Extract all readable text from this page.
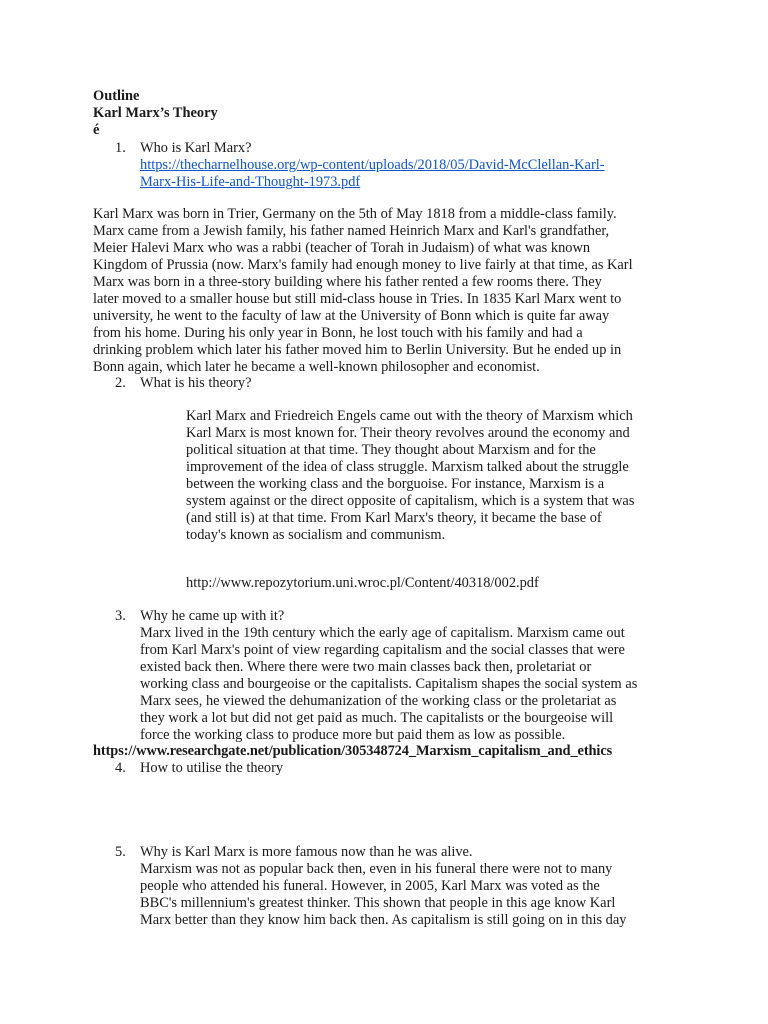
Outline
Karl Marx’s Theory
é
1. Who is Karl Marx?
https://thecharnelhouse.org/wp-content/uploads/2018/05/David-McClellan-Karl-
Marx-His-Life-and-Thought-1973.pdf
Karl Marx was born in Trier, Germany on the 5th of May 1818 from a middle-class family.
Marx came from a Jewish family, his father named Heinrich Marx and Karl's grandfather,
Meier Halevi Marx who was a rabbi (teacher of Torah in Judaism) of what was known
Kingdom of Prussia (now. Marx's family had enough money to live fairly at that time, as Karl
Marx was born in a three-story building where his father rented a few rooms there. They
later moved to a smaller house but still mid-class house in Tries. In 1835 Karl Marx went to
university, he went to the faculty of law at the University of Bonn which is quite far away
from his home. During his only year in Bonn, he lost touch with his family and had a
drinking problem which later his father moved him to Berlin University. But he ended up in
Bonn again, which later he became a well-known philosopher and economist.
2. What is his theory?
Karl Marx and Friedreich Engels came out with the theory of Marxism which
Karl Marx is most known for. Their theory revolves around the economy and
political situation at that time. They thought about Marxism and for the
improvement of the idea of class struggle. Marxism talked about the struggle
between the working class and the borguoise. For instance, Marxism is a
system against or the direct opposite of capitalism, which is a system that was
(and still is) at that time. From Karl Marx's theory, it became the base of
today's known as socialism and communism.
http://www.repozytorium.uni.wroc.pl/Content/40318/002.pdf
3. Why he came up with it?
Marx lived in the 19th century which the early age of capitalism. Marxism came out
from Karl Marx's point of view regarding capitalism and the social classes that were
existed back then. Where there were two main classes back then, proletariat or
working class and bourgeoise or the capitalists. Capitalism shapes the social system as
Marx sees, he viewed the dehumanization of the working class or the proletariat as
they work a lot but did not get paid as much. The capitalists or the bourgeoise will
force the working class to produce more but paid them as low as possible.
https://www.researchgate.net/publication/305348724_Marxism_capitalism_and_ethics
4. How to utilise the theory
5. Why is Karl Marx is more famous now than he was alive.
Marxism was not as popular back then, even in his funeral there were not to many
people who attended his funeral. However, in 2005, Karl Marx was voted as the
BBC's millennium's greatest thinker. This shown that people in this age know Karl
Marx better than they know him back then. As capitalism is still going on in this day
